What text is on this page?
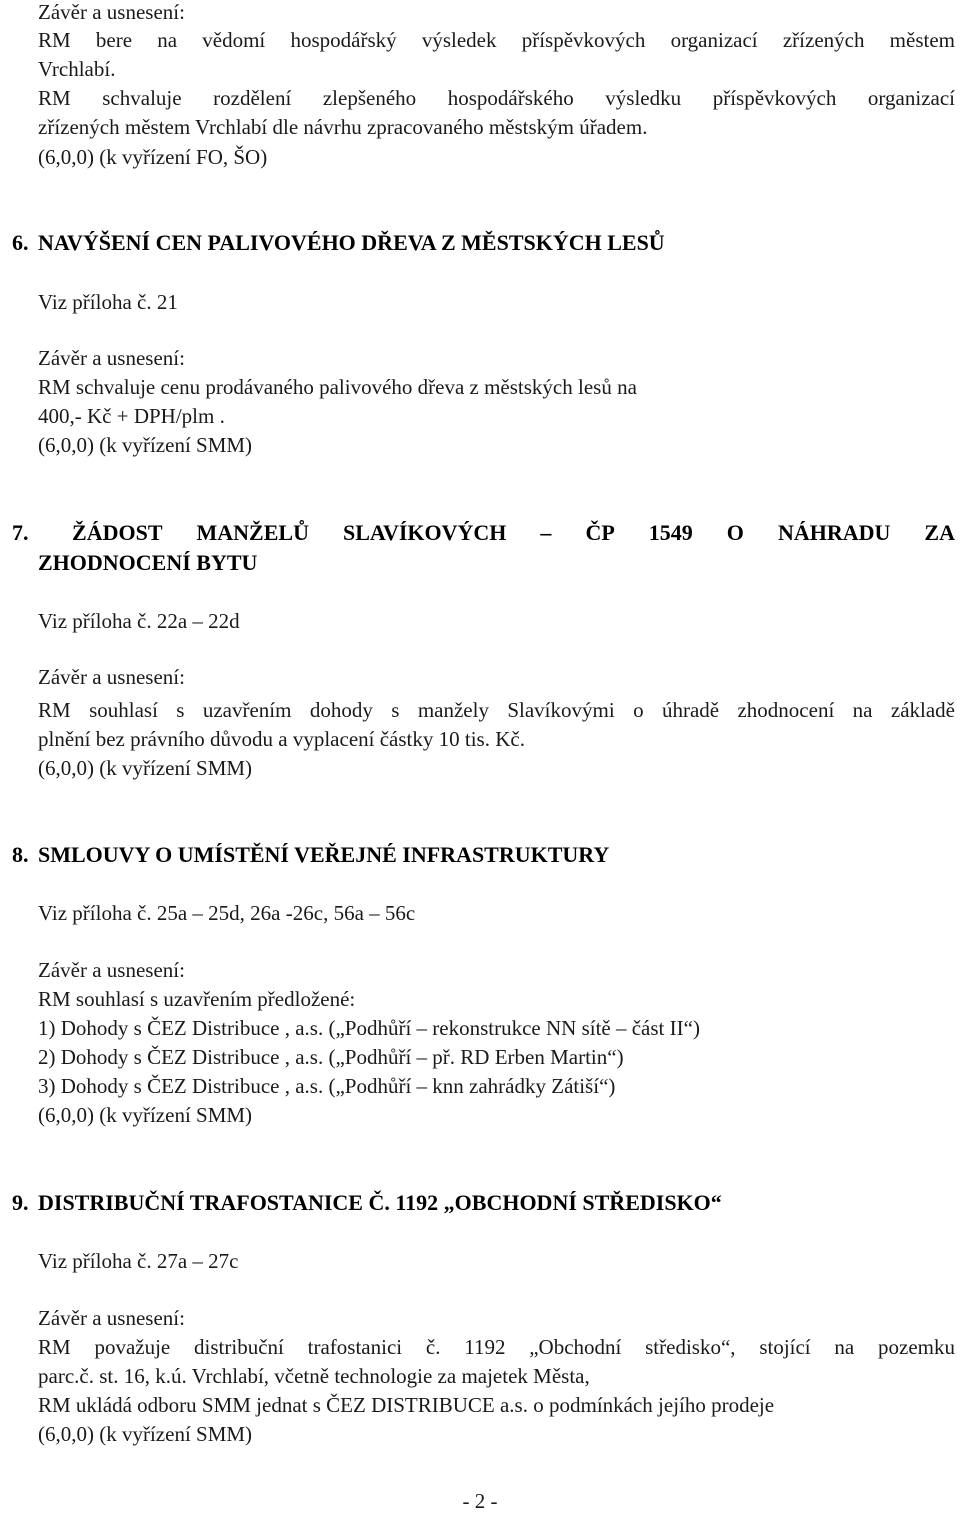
Závěr a usnesení:
RM bere na vědomí hospodářský výsledek příspěvkových organizací zřízených městem
Vrchlabí.
RM schvaluje rozdělení zlepšeného hospodářského výsledku příspěvkových organizací
zřízených městem Vrchlabí dle návrhu zpracovaného městským úřadem.
(6,0,0) (k vyřízení FO, ŠO)
6. NAVÝŠENÍ CEN PALIVOVÉHO DŘEVA Z MĚSTSKÝCH LESŮ
Viz příloha č. 21
Závěr a usnesení:
RM schvaluje cenu prodávaného palivového dřeva z městských lesů na
400,- Kč + DPH/plm .
(6,0,0) (k vyřízení SMM)
7.	ŽÁDOST MANŽELŮ SLAVÍKOVÝCH – ČP 1549 O NÁHRADU ZA
ZHODNOCENÍ BYTU
Viz příloha č. 22a – 22d
Závěr a usnesení:
RM souhlasí s uzavřením dohody s manžely Slavíkovými o úhradě zhodnocení na základě
plnění bez právního důvodu a vyplacení částky 10 tis. Kč.
(6,0,0) (k vyřízení SMM)
8. SMLOUVY O UMÍSTĚNÍ VEŘEJNÉ INFRASTRUKTURY
Viz příloha č. 25a – 25d, 26a -26c, 56a – 56c
Závěr a usnesení:
RM souhlasí s uzavřením předložené:
1) Dohody s ČEZ Distribuce , a.s. („Podhůří – rekonstrukce NN sítě – část II“)
2) Dohody s ČEZ Distribuce , a.s. („Podhůří – př. RD Erben Martin“)
3) Dohody s ČEZ Distribuce , a.s. („Podhůří – knn zahrádky Zátiší“)
(6,0,0) (k vyřízení SMM)
9. DISTRIBUČNÍ TRAFOSTANICE Č. 1192 „OBCHODNÍ STŘEDISKO“
Viz příloha č. 27a – 27c
Závěr a usnesení:
RM považuje distribuční trafostanici č. 1192 „Obchodní středisko“, stojící na pozemku
parc.č. st. 16, k.ú. Vrchlabí, včetně technologie za majetek Města,
RM ukládá odboru SMM jednat s ČEZ DISTRIBUCE a.s. o podmínkách jejího prodeje
(6,0,0) (k vyřízení SMM)
- 2 -
